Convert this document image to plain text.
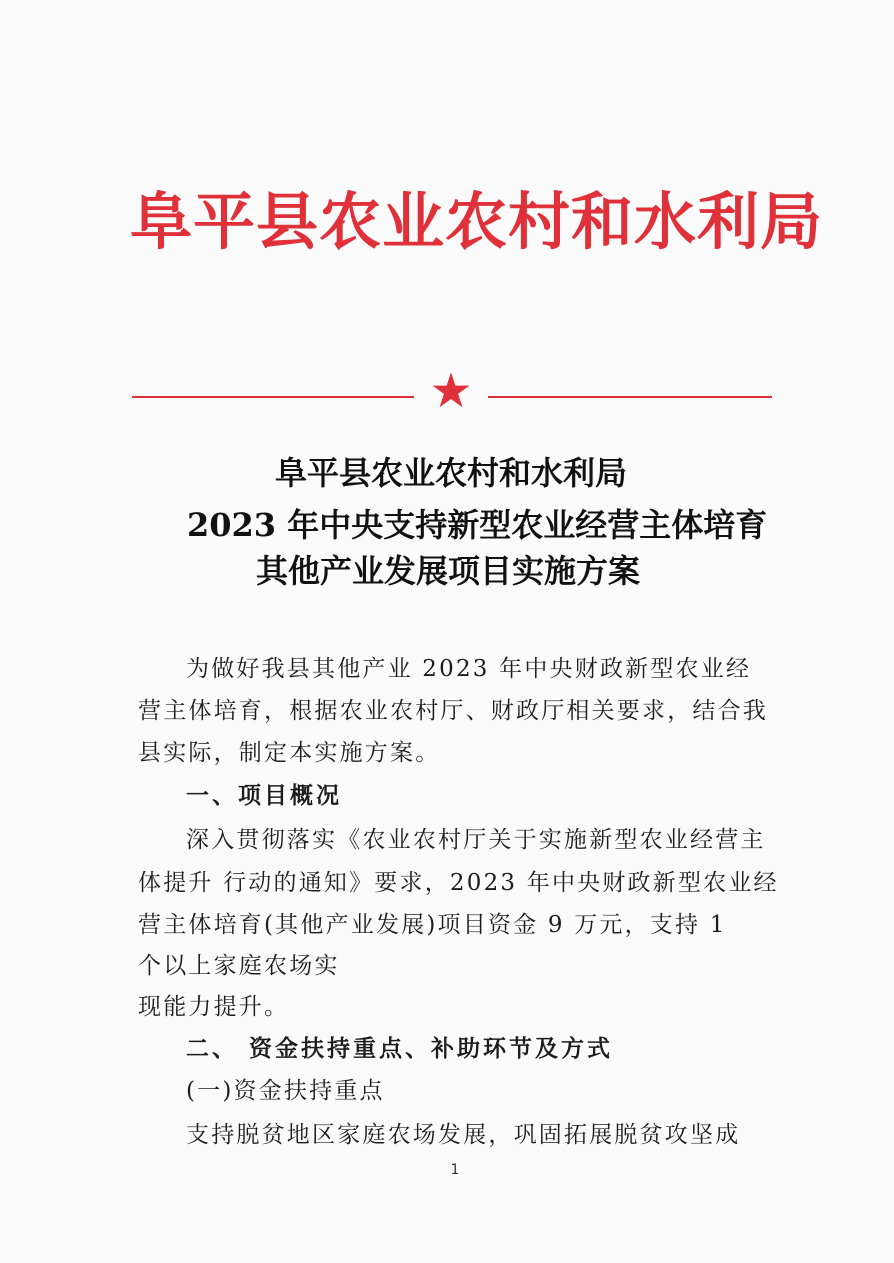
阜平县农业农村和水利局
★
阜平县农业农村和水利局
2023 年中央支持新型农业经营主体培育
其他产业发展项目实施方案
为做好我县其他产业 2023 年中央财政新型农业经
营主体培育，根据农业农村厅、财政厅相关要求，结合我
县实际，制定本实施方案。
一、项目概况
深入贯彻落实《农业农村厅关于实施新型农业经营主
体提升 行动的通知》要求，2023 年中央财政新型农业经
营主体培育(其他产业发展)项目资金 9 万元，支持 1
个以上家庭农场实
现能力提升。
二、 资金扶持重点、补助环节及方式
(一)资金扶持重点
支持脱贫地区家庭农场发展，巩固拓展脱贫攻坚成
1
